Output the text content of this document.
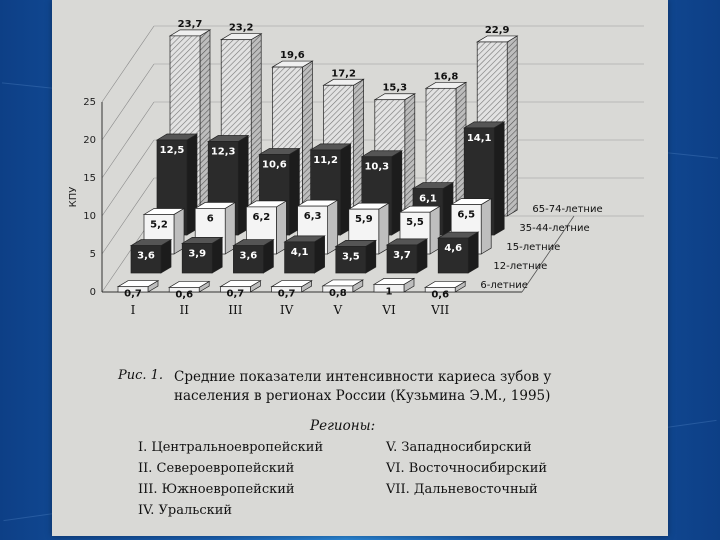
0
5
10
15
20
25
КПУ
I	II	III	IV	V	VI	VII
22,9
16,8
15,3
17,2
19,6
23,2
23,7
65-74-летние
14,1
6,1
10,3
11,2
10,6
12,3
12,5
35-44-летние
6,5
5,5
5,9
6,3
6,2
6
5,2
15-летние
4,6
3,7
3,5
4,1
3,6
3,9
3,6
12-летние
0,6
1
0,8
0,7
0,7
0,6
0,7
6-летние
Рис. 1. Средние показатели интенсивности кариеса зубов у населения в регионах России (Кузьмина Э.М., 1995)
Регионы:
I. Центральноевропейский
II. Североевропейский
III. Южноевропейский
IV. Уральский
V. Западносибирский
VI. Восточносибирский
VII. Дальневосточный
